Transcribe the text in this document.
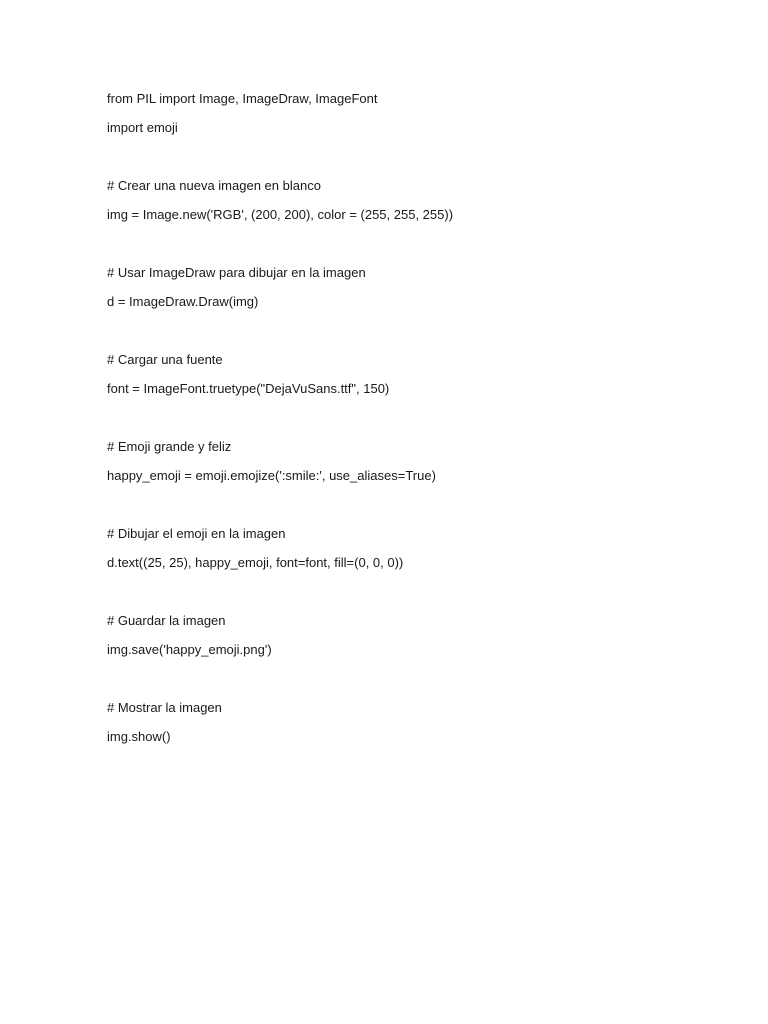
from PIL import Image, ImageDraw, ImageFont

import emoji

# Crear una nueva imagen en blanco

img = Image.new('RGB', (200, 200), color = (255, 255, 255))

# Usar ImageDraw para dibujar en la imagen

d = ImageDraw.Draw(img)

# Cargar una fuente

font = ImageFont.truetype("DejaVuSans.ttf", 150)

# Emoji grande y feliz

happy_emoji = emoji.emojize(':smile:', use_aliases=True)

# Dibujar el emoji en la imagen

d.text((25, 25), happy_emoji, font=font, fill=(0, 0, 0))

# Guardar la imagen

img.save('happy_emoji.png')

# Mostrar la imagen

img.show()
